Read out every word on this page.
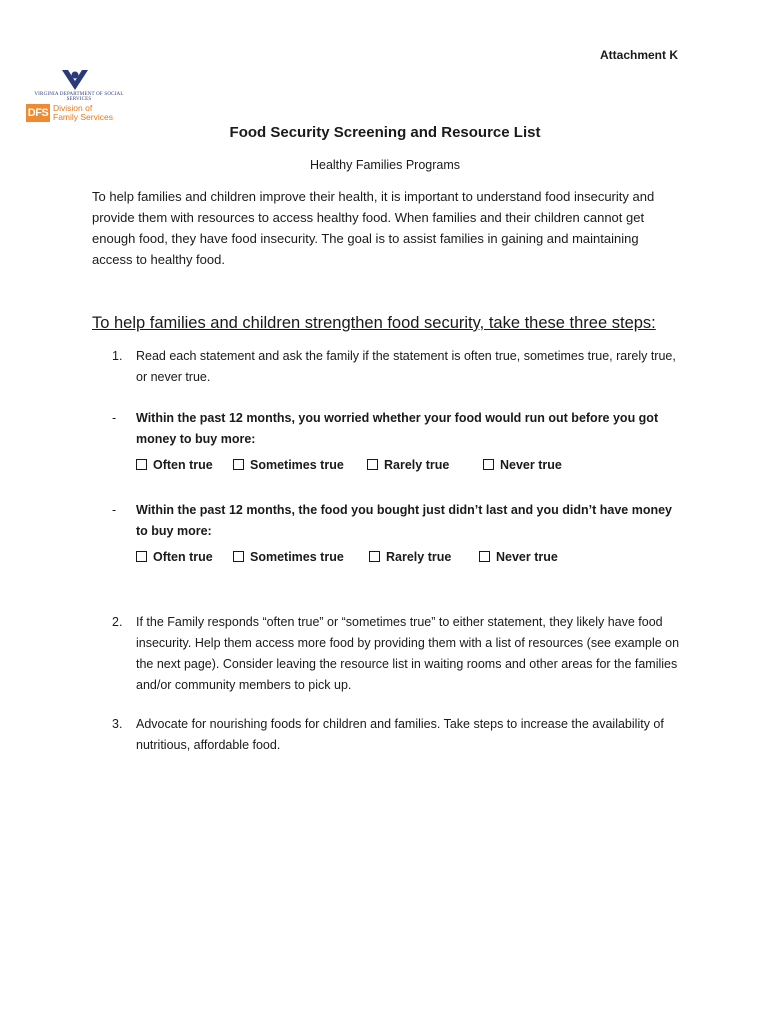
Attachment K
VIRGINIA DEPARTMENT OF SOCIAL SERVICES
DFS Division of
Family Services
Food Security Screening and Resource List
Healthy Families Programs

To help families and children improve their health, it is important to understand food insecurity and provide them with resources to access healthy food. When families and their children cannot get enough food, they have food insecurity. The goal is to assist families in gaining and maintaining access to healthy food.

To help families and children strengthen food security, take these three steps:
1. Read each statement and ask the family if the statement is often true, sometimes true, rarely true, or never true.
- Within the past 12 months, you worried whether your food would run out before you got money to buy more:
Often true	Sometimes true	Rarely true	Never true
- Within the past 12 months, the food you bought just didn’t last and you didn’t have money to buy more:
Often true	Sometimes true	Rarely true	Never true
2. If the Family responds “often true” or “sometimes true” to either statement, they likely have food insecurity. Help them access more food by providing them with a list of resources (see example on the next page). Consider leaving the resource list in waiting rooms and other areas for the families and/or community members to pick up.
3. Advocate for nourishing foods for children and families. Take steps to increase the availability of nutritious, affordable food.
